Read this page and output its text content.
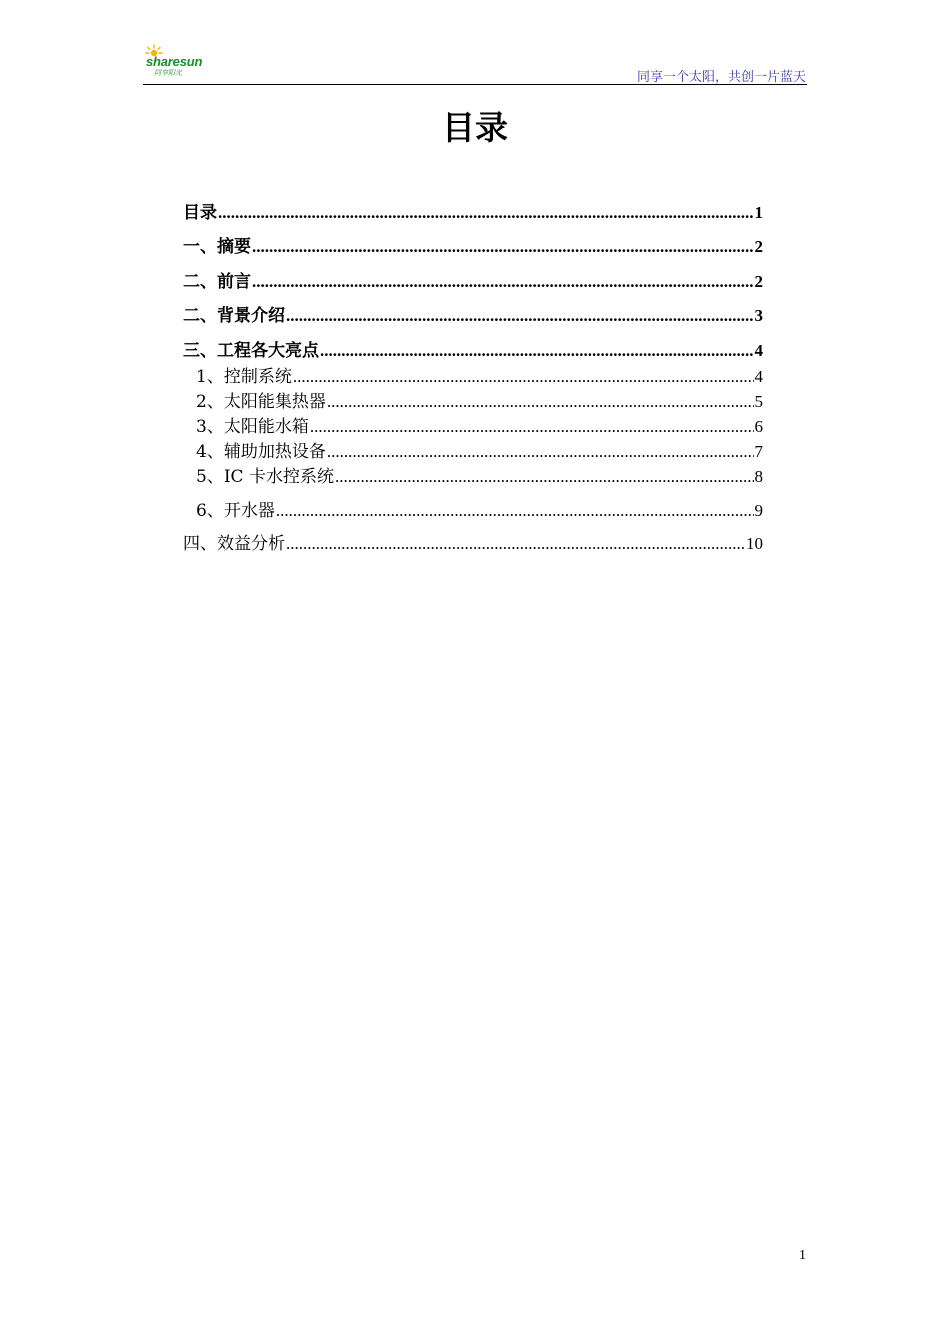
sharesun
同享阳光	同享一个太阳，共创一片蓝天
目录
目录 .....	1
一、摘要 .....	2
二、前言 .....	2
二、背景介绍 .....	3
三、工程各大亮点 .....	4
1、控制系统 .....	4
2、太阳能集热器 .....	5
3、太阳能水箱 .....	6
4、辅助加热设备 .....	7
5、IC 卡水控系统 .....	8
6、开水器 .....	9
四、效益分析 .....	10
1
